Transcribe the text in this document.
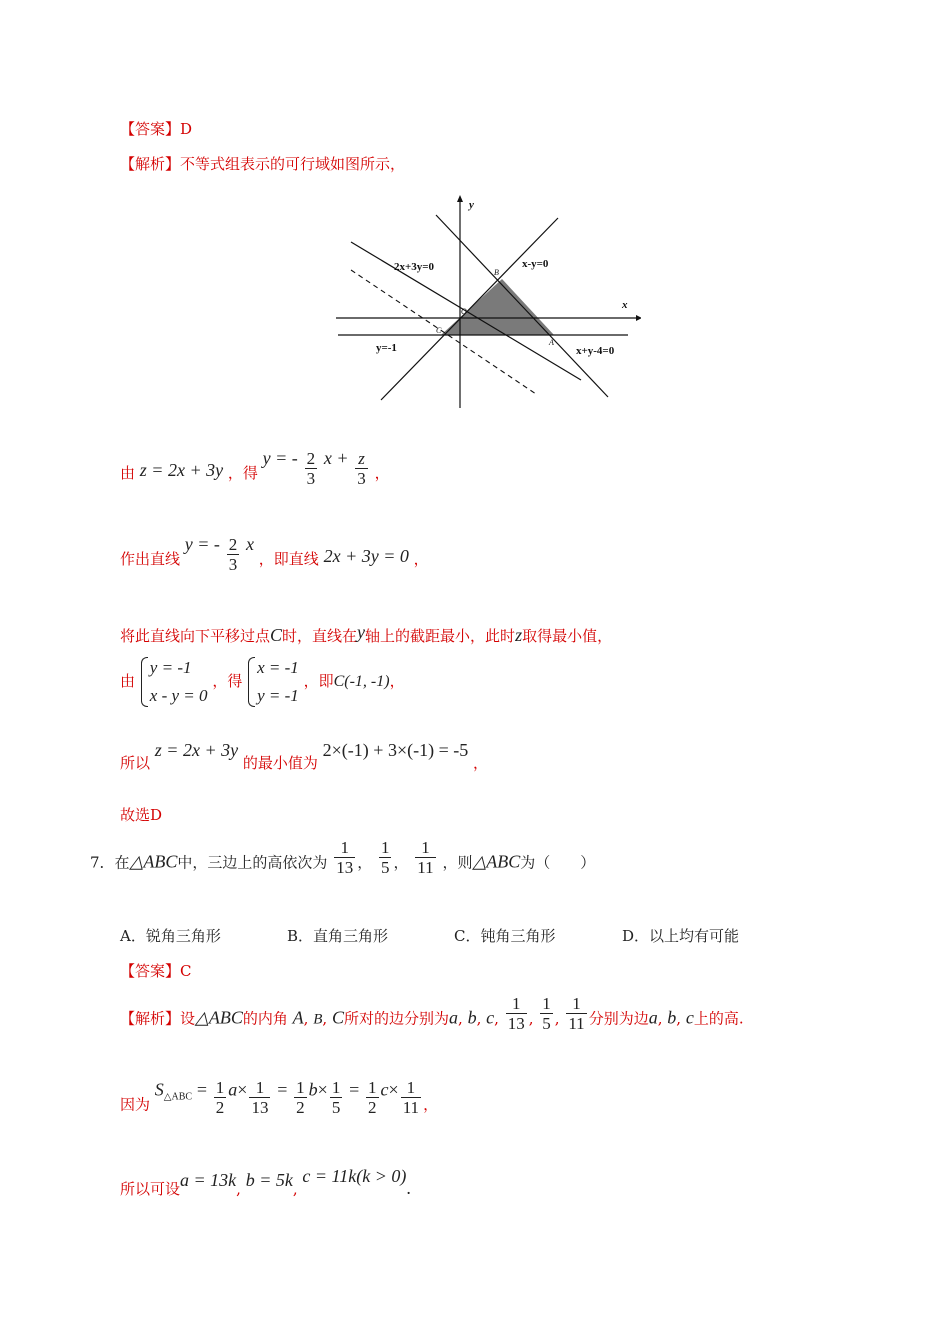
【答案】D
【解析】不等式组表示的可行域如图所示，
y
x
2x+3y=0	x-y=0
x+y-4=0
y=-1
B
A
C
O
由 z = 2x + 3y ，得 y = - $\frac{2}{3}$ $x + \frac{z}{3}$ ，
作出直线 y = - $\frac{2}{3}$ x ，即直线 2x + 3y = 0 ，
将此直线向下平移过点C时，直线在y轴上的截距最小，此时z取得最小值，
由
y = -1
x - y = 0
，得
x = -1
y = -1
，即C(-1, -1)，
所以 z = 2x + 3y 的最小值为 2×(-1) + 3×(-1) = -5 ，
故选D
7．在△ABC中，三边上的高依次为 $\frac{1}{13}$ ， $\frac{1}{5}$ ， $\frac{1}{11}$ ，则△ABC为（　　）
A．锐角三角形	B．直角三角形	C．钝角三角形	D．以上均有可能
【答案】C
【解析】设△ABC的内角 A, B, C所对的边分别为a, b, c, $\frac{1}{13}$ , $\frac{1}{5}$ , $\frac{1}{11}$ 分别为边a, b, c上的高.
因为 S△ABC = $\frac{1}{2} a\times \frac{1}{13} = \frac{1}{2} b\times \frac{1}{5} = \frac{1}{2} c\times \frac{1}{11}$ ，
所以可设a = 13k, b = 5k, c = 11k(k > 0).
